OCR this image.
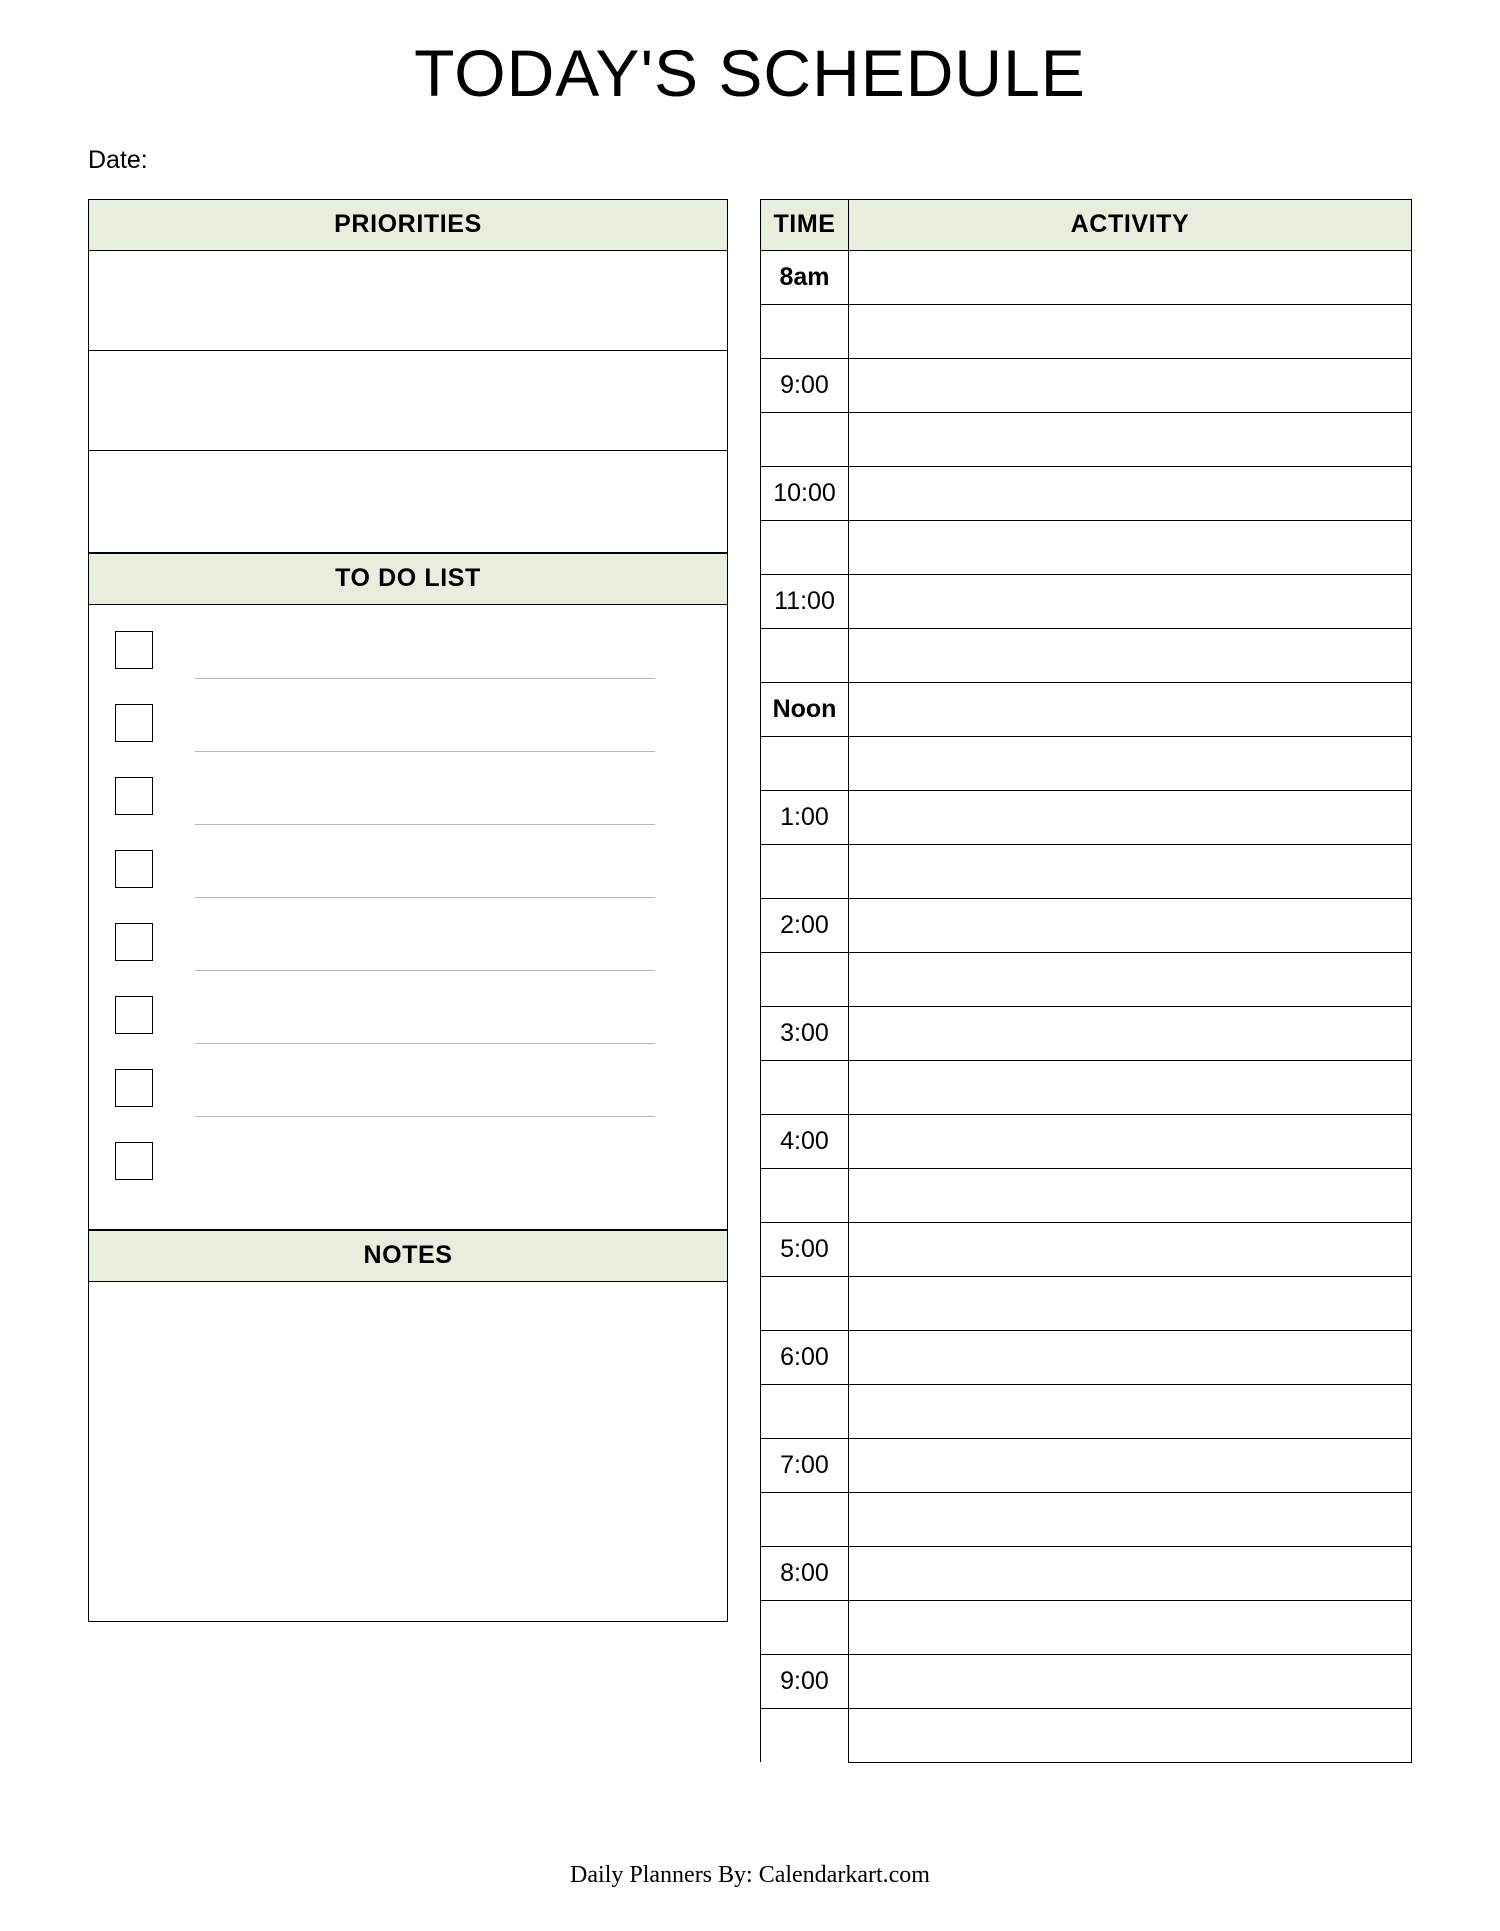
TODAY'S SCHEDULE
Date:
PRIORITIES
TO DO LIST
NOTES
TIME	ACTIVITY
8am	

9:00	

10:00	

11:00	

Noon	

1:00	

2:00	

3:00	

4:00	

5:00	

6:00	

7:00	

8:00	

9:00	

Daily Planners By: Calendarkart.com
